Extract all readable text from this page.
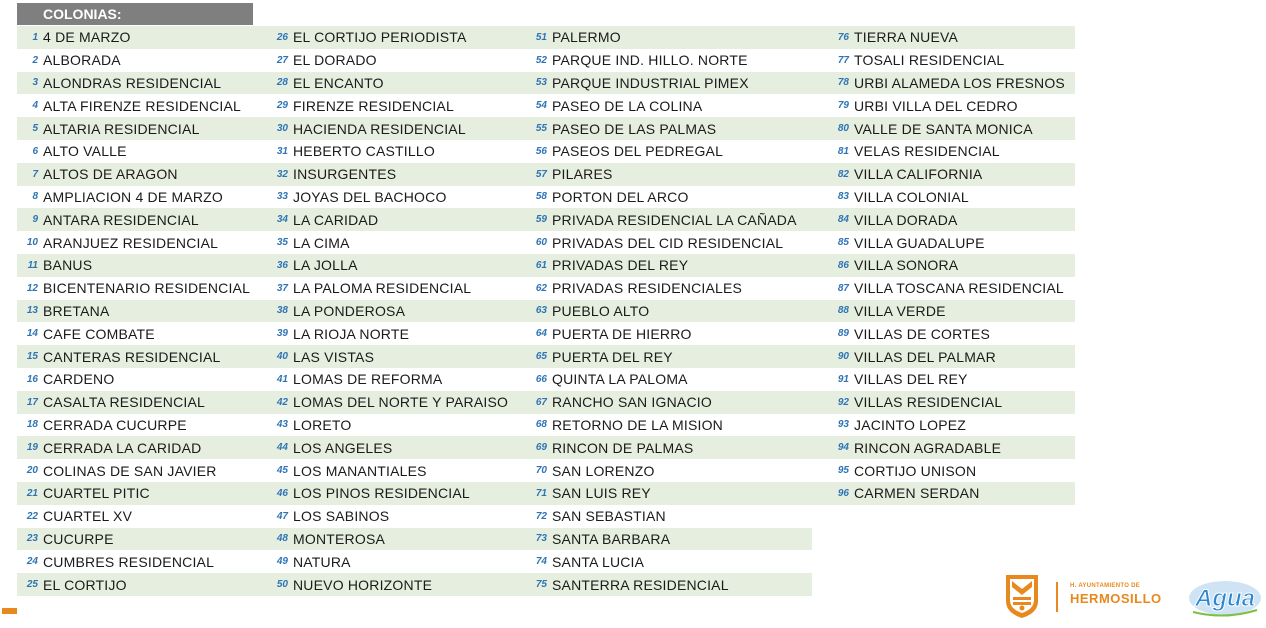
COLONIAS:
1 4 DE MARZO
2 ALBORADA
3 ALONDRAS RESIDENCIAL
4 ALTA FIRENZE RESIDENCIAL
5 ALTARIA RESIDENCIAL
6 ALTO VALLE
7 ALTOS DE ARAGON
8 AMPLIACION 4 DE MARZO
9 ANTARA RESIDENCIAL
10 ARANJUEZ RESIDENCIAL
11 BANUS
12 BICENTENARIO RESIDENCIAL
13 BRETANA
14 CAFE COMBATE
15 CANTERAS RESIDENCIAL
16 CARDENO
17 CASALTA RESIDENCIAL
18 CERRADA CUCURPE
19 CERRADA LA CARIDAD
20 COLINAS DE SAN JAVIER
21 CUARTEL PITIC
22 CUARTEL XV
23 CUCURPE
24 CUMBRES RESIDENCIAL
25 EL CORTIJO
26 EL CORTIJO PERIODISTA
27 EL DORADO
28 EL ENCANTO
29 FIRENZE RESIDENCIAL
30 HACIENDA RESIDENCIAL
31 HEBERTO CASTILLO
32 INSURGENTES
33 JOYAS DEL BACHOCO
34 LA CARIDAD
35 LA CIMA
36 LA JOLLA
37 LA PALOMA RESIDENCIAL
38 LA PONDEROSA
39 LA RIOJA NORTE
40 LAS VISTAS
41 LOMAS DE REFORMA
42 LOMAS DEL NORTE Y PARAISO
43 LORETO
44 LOS ANGELES
45 LOS MANANTIALES
46 LOS PINOS RESIDENCIAL
47 LOS SABINOS
48 MONTEROSA
49 NATURA
50 NUEVO HORIZONTE
51 PALERMO
52 PARQUE IND. HILLO. NORTE
53 PARQUE INDUSTRIAL PIMEX
54 PASEO DE LA COLINA
55 PASEO DE LAS PALMAS
56 PASEOS DEL PEDREGAL
57 PILARES
58 PORTON DEL ARCO
59 PRIVADA RESIDENCIAL LA CAÑADA
60 PRIVADAS DEL CID RESIDENCIAL
61 PRIVADAS DEL REY
62 PRIVADAS RESIDENCIALES
63 PUEBLO ALTO
64 PUERTA DE HIERRO
65 PUERTA DEL REY
66 QUINTA LA PALOMA
67 RANCHO SAN IGNACIO
68 RETORNO DE LA MISION
69 RINCON DE PALMAS
70 SAN LORENZO
71 SAN LUIS REY
72 SAN SEBASTIAN
73 SANTA BARBARA
74 SANTA LUCIA
75 SANTERRA RESIDENCIAL
76 TIERRA NUEVA
77 TOSALI RESIDENCIAL
78 URBI ALAMEDA LOS FRESNOS
79 URBI VILLA DEL CEDRO
80 VALLE DE SANTA MONICA
81 VELAS RESIDENCIAL
82 VILLA CALIFORNIA
83 VILLA COLONIAL
84 VILLA DORADA
85 VILLA GUADALUPE
86 VILLA SONORA
87 VILLA TOSCANA RESIDENCIAL
88 VILLA VERDE
89 VILLAS DE CORTES
90 VILLAS DEL PALMAR
91 VILLAS DEL REY
92 VILLAS RESIDENCIAL
93 JACINTO LOPEZ
94 RINCON AGRADABLE
95 CORTIJO UNISON
96 CARMEN SERDAN
H. AYUNTAMIENTO DE
HERMOSILLO Agua
